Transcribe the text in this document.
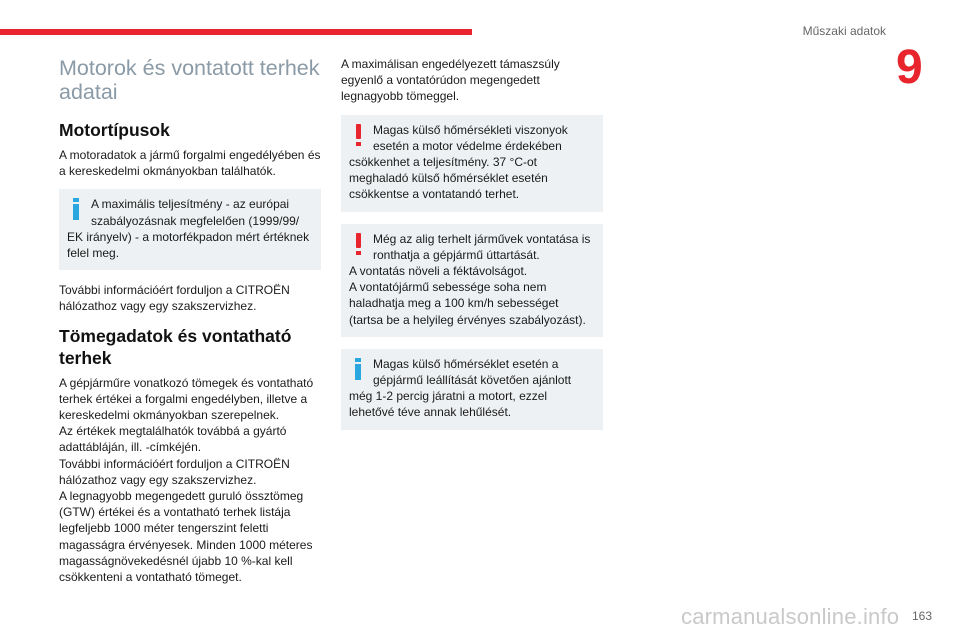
Műszaki adatok
9
Motorok és vontatott terhek adatai
Motortípusok

A motoradatok a jármű forgalmi engedélyében és a kereskedelmi okmányokban találhatók.

A maximális teljesítmény - az európai szabályozásnak megfelelően (1999/99/
EK irányelv) - a motorfékpadon mért értéknek felel meg.

További információért forduljon a CITROËN hálózathoz vagy egy szakszervizhez.

Tömegadatok és vontatható terhek

A gépjárműre vonatkozó tömegek és vontatható terhek értékei a forgalmi engedélyben, illetve a kereskedelmi okmányokban szerepelnek.

Az értékek megtalálhatók továbbá a gyártó adattábláján, ill. -címkéjén.

További információért forduljon a CITROËN hálózathoz vagy egy szakszervizhez.

A legnagyobb megengedett guruló össztömeg (GTW) értékei és a vontatható terhek listája legfeljebb 1000 méter tengerszint feletti magasságra érvényesek. Minden 1000 méteres magasságnövekedésnél újabb 10 %-kal kell csökkenteni a vontatható tömeget.

A maximálisan engedélyezett támaszsúly egyenlő a vontatórúdon megengedett legnagyobb tömeggel.

Magas külső hőmérsékleti viszonyok esetén a motor védelme érdekében
csökkenhet a teljesítmény. 37 °C-ot meghaladó külső hőmérséklet esetén csökkentse a vontatandó terhet.
Még az alig terhelt járművek vontatása is ronthatja a gépjármű úttartását.
A vontatás növeli a féktávolságot.
A vontatójármű sebessége soha nem haladhatja meg a 100 km/h sebességet (tartsa be a helyileg érvényes szabályozást).
Magas külső hőmérséklet esetén a gépjármű leállítását követően ajánlott
még 1-2 percig járatni a motort, ezzel lehetővé téve annak lehűlését.
carmanualsonline.info 163
